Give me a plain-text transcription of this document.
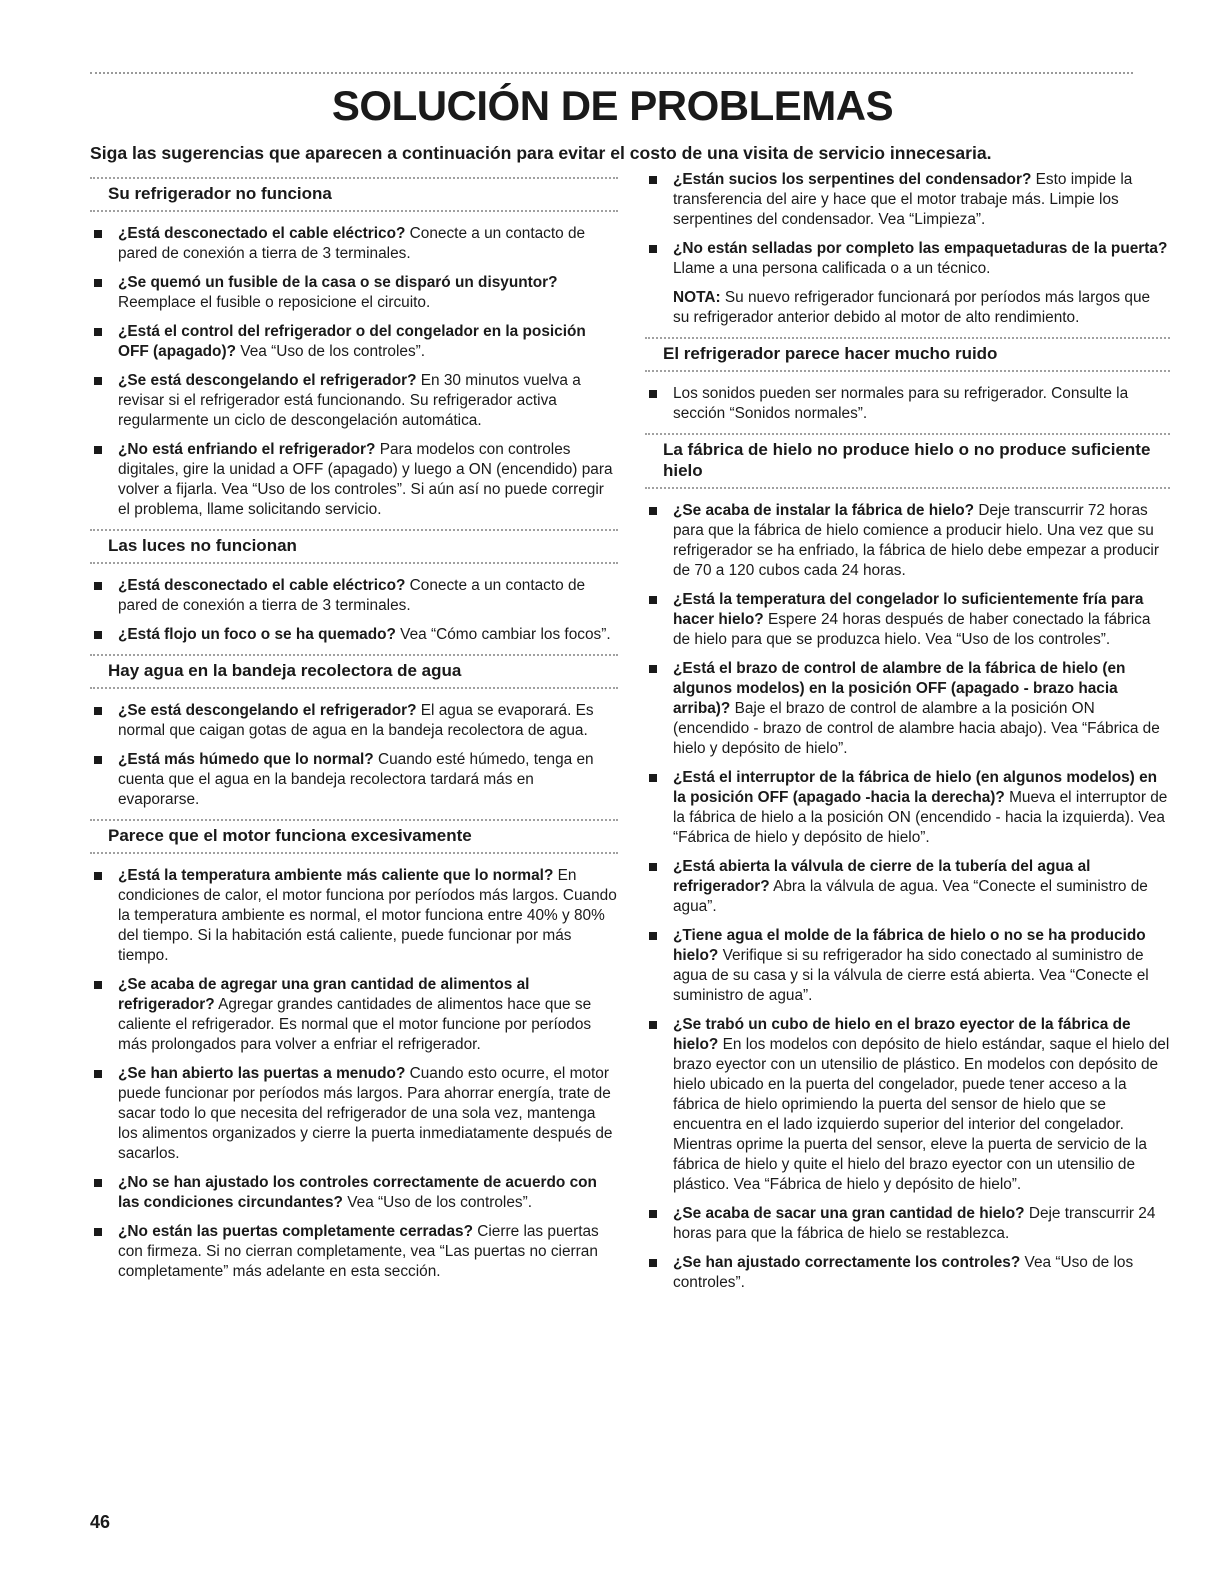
SOLUCIÓN DE PROBLEMAS

Siga las sugerencias que aparecen a continuación para evitar el costo de una visita de servicio innecesaria.

Su refrigerador no funciona
¿Está desconectado el cable eléctrico? Conecte a un contacto de pared de conexión a tierra de 3 terminales.
¿Se quemó un fusible de la casa o se disparó un disyuntor? Reemplace el fusible o reposicione el circuito.
¿Está el control del refrigerador o del congelador en la posición OFF (apagado)? Vea “Uso de los controles”.
¿Se está descongelando el refrigerador? En 30 minutos vuelva a revisar si el refrigerador está funcionando. Su refrigerador activa regularmente un ciclo de descongelación automática.
¿No está enfriando el refrigerador? Para modelos con controles digitales, gire la unidad a OFF (apagado) y luego a ON (encendido) para volver a fijarla. Vea “Uso de los controles”. Si aún así no puede corregir el problema, llame solicitando servicio.
Las luces no funcionan
¿Está desconectado el cable eléctrico? Conecte a un contacto de pared de conexión a tierra de 3 terminales.
¿Está flojo un foco o se ha quemado? Vea “Cómo cambiar los focos”.
Hay agua en la bandeja recolectora de agua
¿Se está descongelando el refrigerador? El agua se evaporará. Es normal que caigan gotas de agua en la bandeja recolectora de agua.
¿Está más húmedo que lo normal? Cuando esté húmedo, tenga en cuenta que el agua en la bandeja recolectora tardará más en evaporarse.
Parece que el motor funciona excesivamente
¿Está la temperatura ambiente más caliente que lo normal? En condiciones de calor, el motor funciona por períodos más largos. Cuando la temperatura ambiente es normal, el motor funciona entre 40% y 80% del tiempo. Si la habitación está caliente, puede funcionar por más tiempo.
¿Se acaba de agregar una gran cantidad de alimentos al refrigerador? Agregar grandes cantidades de alimentos hace que se caliente el refrigerador. Es normal que el motor funcione por períodos más prolongados para volver a enfriar el refrigerador.
¿Se han abierto las puertas a menudo? Cuando esto ocurre, el motor puede funcionar por períodos más largos. Para ahorrar energía, trate de sacar todo lo que necesita del refrigerador de una sola vez, mantenga los alimentos organizados y cierre la puerta inmediatamente después de sacarlos.
¿No se han ajustado los controles correctamente de acuerdo con las condiciones circundantes? Vea “Uso de los controles”.
¿No están las puertas completamente cerradas? Cierre las puertas con firmeza. Si no cierran completamente, vea “Las puertas no cierran completamente” más adelante en esta sección.
¿Están sucios los serpentines del condensador? Esto impide la transferencia del aire y hace que el motor trabaje más. Limpie los serpentines del condensador. Vea “Limpieza”.
¿No están selladas por completo las empaquetaduras de la puerta? Llame a una persona calificada o a un técnico.

NOTA: Su nuevo refrigerador funcionará por períodos más largos que su refrigerador anterior debido al motor de alto rendimiento.

El refrigerador parece hacer mucho ruido
Los sonidos pueden ser normales para su refrigerador. Consulte la sección “Sonidos normales”.
La fábrica de hielo no produce hielo o no produce suficiente hielo
¿Se acaba de instalar la fábrica de hielo? Deje transcurrir 72 horas para que la fábrica de hielo comience a producir hielo. Una vez que su refrigerador se ha enfriado, la fábrica de hielo debe empezar a producir de 70 a 120 cubos cada 24 horas.
¿Está la temperatura del congelador lo suficientemente fría para hacer hielo? Espere 24 horas después de haber conectado la fábrica de hielo para que se produzca hielo. Vea “Uso de los controles”.
¿Está el brazo de control de alambre de la fábrica de hielo (en algunos modelos) en la posición OFF (apagado - brazo hacia arriba)? Baje el brazo de control de alambre a la posición ON (encendido - brazo de control de alambre hacia abajo). Vea “Fábrica de hielo y depósito de hielo”.
¿Está el interruptor de la fábrica de hielo (en algunos modelos) en la posición OFF (apagado -hacia la derecha)? Mueva el interruptor de la fábrica de hielo a la posición ON (encendido - hacia la izquierda). Vea “Fábrica de hielo y depósito de hielo”.
¿Está abierta la válvula de cierre de la tubería del agua al refrigerador? Abra la válvula de agua. Vea “Conecte el suministro de agua”.
¿Tiene agua el molde de la fábrica de hielo o no se ha producido hielo? Verifique si su refrigerador ha sido conectado al suministro de agua de su casa y si la válvula de cierre está abierta. Vea “Conecte el suministro de agua”.
¿Se trabó un cubo de hielo en el brazo eyector de la fábrica de hielo? En los modelos con depósito de hielo estándar, saque el hielo del brazo eyector con un utensilio de plástico. En modelos con depósito de hielo ubicado en la puerta del congelador, puede tener acceso a la fábrica de hielo oprimiendo la puerta del sensor de hielo que se encuentra en el lado izquierdo superior del interior del congelador. Mientras oprime la puerta del sensor, eleve la puerta de servicio de la fábrica de hielo y quite el hielo del brazo eyector con un utensilio de plástico. Vea “Fábrica de hielo y depósito de hielo”.
¿Se acaba de sacar una gran cantidad de hielo? Deje transcurrir 24 horas para que la fábrica de hielo se restablezca.
¿Se han ajustado correctamente los controles? Vea “Uso de los controles”.
46
